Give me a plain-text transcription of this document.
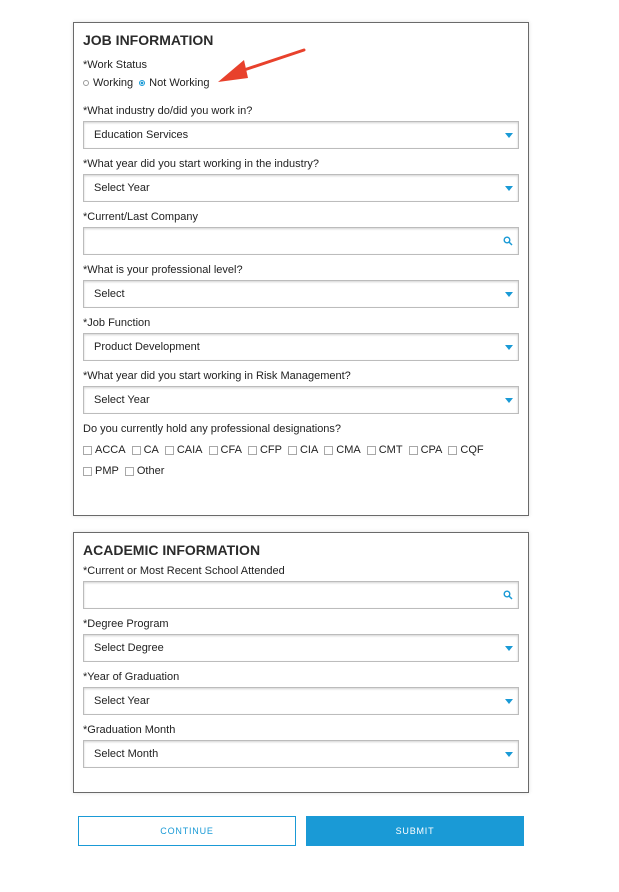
JOB INFORMATION
*Work Status
Working Not Working
*What industry do/did you work in?
Education Services
*What year did you start working in the industry?
Select Year
*Current/Last Company
*What is your professional level?
Select
*Job Function
Product Development
*What year did you start working in Risk Management?
Select Year
Do you currently hold any professional designations?
ACCA CA CAIA CFA CFP CIA CMA CMT CPA CQF
PMP Other
ACADEMIC INFORMATION
*Current or Most Recent School Attended
*Degree Program
Select Degree
*Year of Graduation
Select Year
*Graduation Month
Select Month
CONTINUE	SUBMIT
